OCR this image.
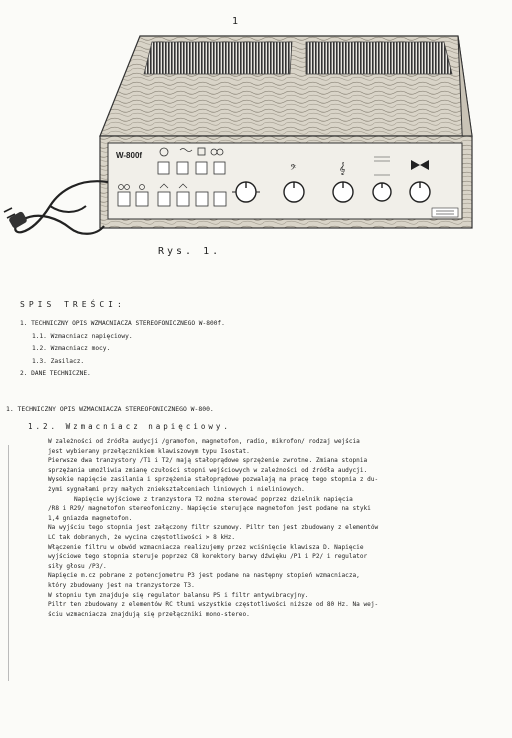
1
W-800f
𝄢	𝄞
Rys. 1.
SPIS TREŚCI:
1. TECHNICZNY OPIS WZMACNIACZA STEREOFONICZNEGO W-800f.
1.1. Wzmacniacz napięciowy.
1.2. Wzmacniacz mocy.
1.3. Zasilacz.
2. DANE TECHNICZNE.
1. TECHNICZNY OPIS WZMACNIACZA STEREOFONICZNEGO W-800.
1.2. Wzmacniacz napięciowy.
W zależności od źródła audycji /gramofon, magnetofon, radio, mikrofon/ rodzaj wejścia
jest wybierany przełącznikiem klawiszowym typu Isostat.
Pierwsze dwa tranzystory /T1 i T2/ mają stałoprądowe sprzężenie zwrotne. Zmiana stopnia
sprzężania umożliwia zmianę czułości stopni wejściowych w zależności od źródła audycji.
Wysokie napięcie zasilania i sprzężenia stałoprądowe pozwalają na pracę tego stopnia z du-
żymi sygnałami przy małych zniekształceniach liniowych i nieliniowych.
Napięcie wyjściowe z tranzystora T2 można sterować poprzez dzielnik napięcia
/R8 i R29/ magnetofon stereofoniczny. Napięcie sterujące magnetofon jest podane na styki
1,4 gniazda magnetofon.
Na wyjściu tego stopnia jest załączony filtr szumowy. Piltr ten jest zbudowany z elementów
LC tak dobranych, że wycina częstotliwości > 8 kHz.
Włączenie filtru w obwód wzmacniacza realizujemy przez wciśnięcie klawisza D. Napięcie
wyjściowe tego stopnia steruje poprzez C8 korektory barwy dźwięku /P1 i P2/ i regulator
siły głosu /P3/.
Napięcie m.cz pobrane z potencjometru P3 jest podane na następny stopień wzmacniacza,
który zbudowany jest na tranzystorze T3.
W stopniu tym znajduje się regulator balansu P5 i filtr antywibracyjny.
Piltr ten zbudowany z elementów RC tłumi wszystkie częstotliwości niższe od 80 Hz. Na wej-
ściu wzmacniacza znajdują się przełączniki mono-stereo.
